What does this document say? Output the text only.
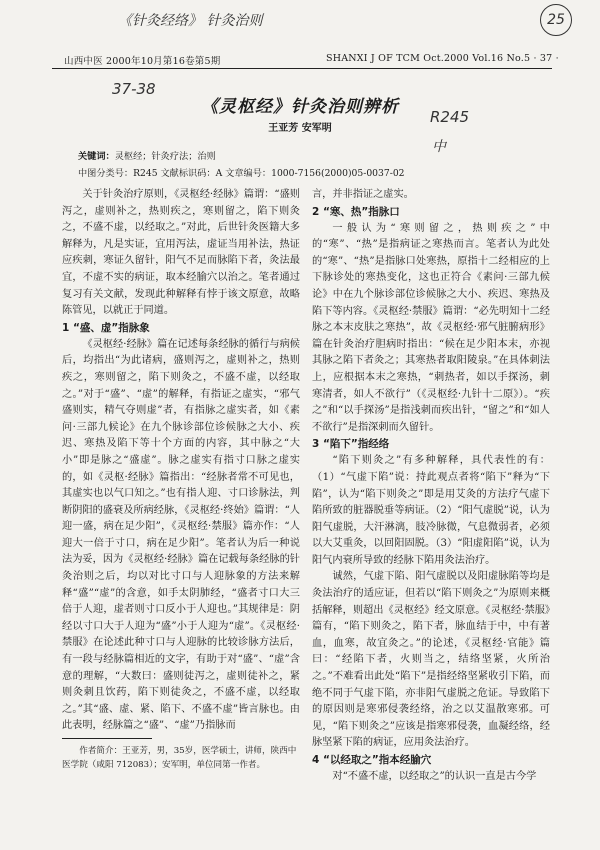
《针灸经络》 针灸治则	25
37-38
R245
中
山西中医 2000年10月第16卷第5期	SHANXI J OF TCM Oct.2000 Vol.16 No.5 · 37 ·
《灵枢经》针灸治则辨析
王亚芳 安军明
关键词：灵枢经；针灸疗法；治则
中图分类号：R245 文献标识码：A 文章编号：1000-7156(2000)05-0037-02

关于针灸治疗原则，《灵枢经·经脉》篇谓：“盛则泻之，虚则补之，热则疾之，寒则留之，陷下则灸之，不盛不虚，以经取之。”对此，后世针灸医籍大多解释为，凡是实证，宜用泻法，虚证当用补法，热证应疾刺，寒证久留针，阳气不足而脉陷下者，灸法最宜，不虚不实的病证，取本经腧穴以治之。笔者通过复习有关文献，发现此种解释有悖于该文原意，故略陈管见，以就正于同道。

1 “盛、虚”指脉象

《灵枢经·经脉》篇在记述每条经脉的循行与病候后，均指出“为此诸病，盛则泻之，虚则补之，热则疾之，寒则留之，陷下则灸之，不盛不虚，以经取之。”对于“盛”、“虚”的解释，有指证之虚实，“邪气盛则实，精气夺则虚”者，有指脉之虚实者，如《素问·三部九候论》在九个脉诊部位诊候脉之大小、疾迟、寒热及陷下等十个方面的内容，其中脉之“大小”即是脉之“盛虚”。脉之虚实有指寸口脉之虚实的，如《灵枢·经脉》篇指出：“经脉者常不可见也，其虚实也以气口知之。”也有指人迎、寸口诊脉法，判断阴阳的盛衰及所病经脉，《灵枢经·终始》篇谓：“人迎一盛，病在足少阳”，《灵枢经·禁服》篇亦作：“人迎大一倍于寸口，病在足少阳”。笔者认为后一种说法为妥，因为《灵枢经·经脉》篇在记载每条经脉的针灸治则之后，均以对比寸口与人迎脉象的方法来解释“盛”“虚”的含意，如手太阴肺经，“盛者寸口大三倍于人迎，虚者则寸口反小于人迎也。”其规律是：阴经以寸口大于人迎为“盛”小于人迎为“虚”。《灵枢经·禁服》在论述此种寸口与人迎脉的比较诊脉方法后，有一段与经脉篇相近的文字，有助于对“盛”、“虚”含意的理解，“大数曰：盛则徒泻之，虚则徒补之，紧则灸刺且饮药，陷下则徒灸之，不盛不虚，以经取之。”其“盛、虚、紧、陷下、不盛不虚”皆言脉也。由此表明，经脉篇之“盛”、“虚”乃指脉而

作者简介：王亚芳，男，35岁，医学硕士，讲师，陕西中医学院（咸阳 712083）；安军明，单位同第一作者。

言，并非指证之虚实。

2 “寒、热”指脉口

一般认为“寒则留之，热则疾之”中的“寒”、“热”是指病证之寒热而言。笔者认为此处的“寒”、“热”是指脉口处寒热，原指十二经相应的上下脉诊处的寒热变化，这也正符合《素问·三部九候论》中在九个脉诊部位诊候脉之大小、疾迟、寒热及陷下等内容。《灵枢经·禁服》篇谓：“必先明知十二经脉之本末皮肤之寒热”，故《灵枢经·邪气脏腑病形》篇在针灸治疗胆病时指出：“候在足少阳本末，亦视其脉之陷下者灸之；其寒热者取阳陵泉。”在具体刺法上，应根据本末之寒热，“刺热者，如以手探汤，刺寒清者，如人不欲行”（《灵枢经·九针十二原》）。“疾之”和“以手探汤”是指浅刺而疾出针，“留之”和“如人不欲行”是指深刺而久留针。

3 “陷下”指经络

“陷下则灸之”有多种解释，具代表性的有：（1）“气虚下陷”说：持此观点者将“陷下”释为“下陷”，认为“陷下则灸之”即是用艾灸的方法疗气虚下陷所致的脏器脱垂等病证。（2）“阳气虚脱”说，认为阳气虚脱，大汗淋漓，肢冷脉微，气息微弱者，必须以大艾重灸，以回阳固脱。（3）“阳虚阳陷”说，认为阳气内衰所导致的经脉下陷用灸法治疗。

诚然，气虚下陷、阳气虚脱以及阳虚脉陷等均是灸法治疗的适应证，但若以“陷下则灸之”为原则来概括解释，则超出《灵枢经》经文原意。《灵枢经·禁服》篇有，“陷下则灸之，陷下者，脉血结于中，中有著血，血寒，故宜灸之。”的论述，《灵枢经·官能》篇曰：“经陷下者，火则当之，结络坚紧，火所治之。”不难看出此处“陷下”是指经络坚紧收引下陷，而绝不同于气虚下陷，亦非阳气虚脱之危证。导致陷下的原因则是寒邪侵袭经络，治之以艾温散寒邪。可见，“陷下则灸之”应该是指寒邪侵袭，血凝经络，经脉坚紧下陷的病证，应用灸法治疗。

4 “以经取之”指本经腧穴

对“不盛不虚，以经取之”的认识一直是古今学
